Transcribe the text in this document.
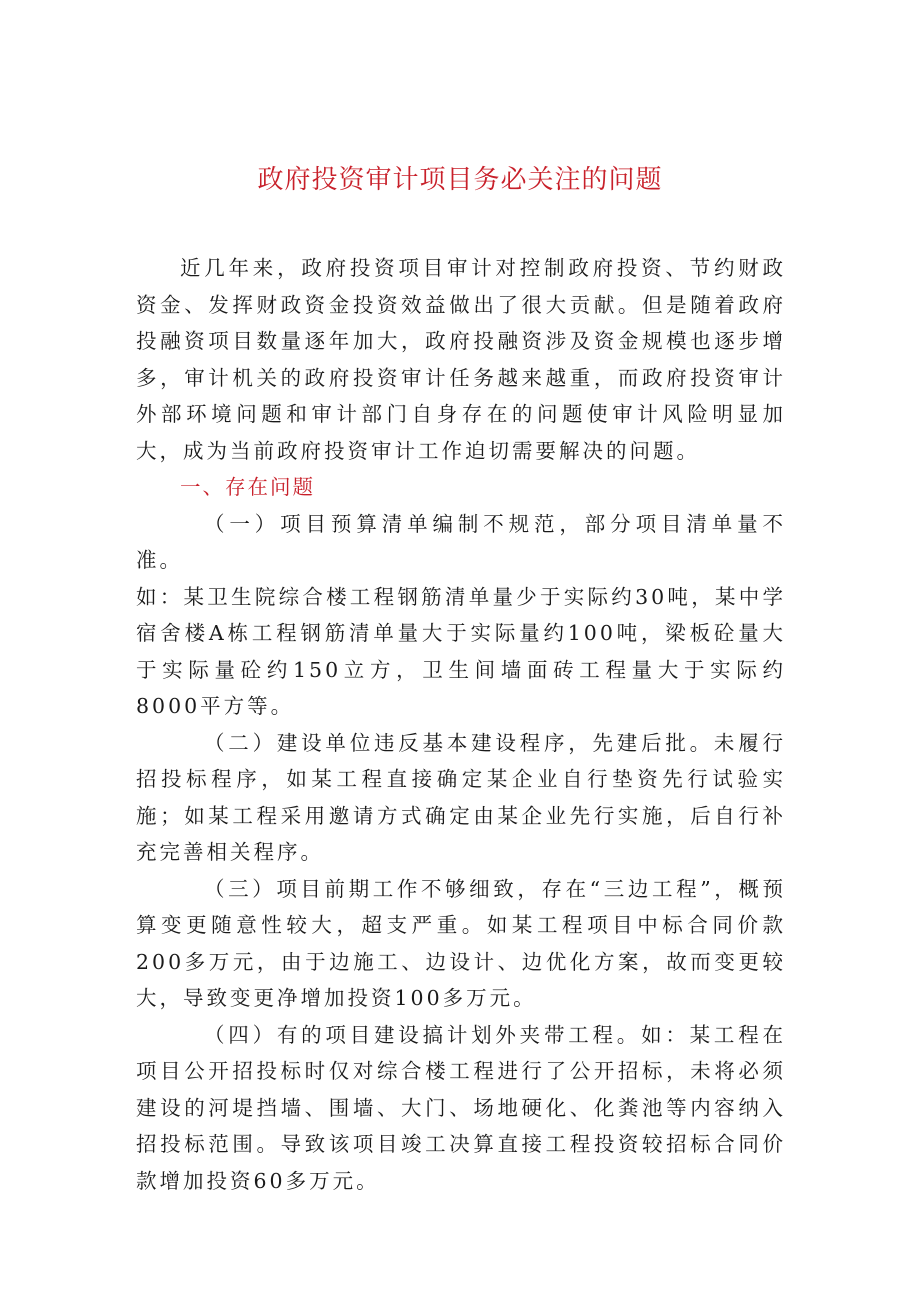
政府投资审计项目务必关注的问题

近几年来，政府投资项目审计对控制政府投资、节约财政资金、发挥财政资金投资效益做出了很大贡献。但是随着政府投融资项目数量逐年加大，政府投融资涉及资金规模也逐步增多，审计机关的政府投资审计任务越来越重，而政府投资审计外部环境问题和审计部门自身存在的问题使审计风险明显加大，成为当前政府投资审计工作迫切需要解决的问题。

一、存在问题

（一）项目预算清单编制不规范，部分项目清单量不准。

如：某卫生院综合楼工程钢筋清单量少于实际约30吨，某中学宿舍楼A栋工程钢筋清单量大于实际量约100吨，梁板砼量大于实际量砼约150立方，卫生间墙面砖工程量大于实际约8000平方等。

（二）建设单位违反基本建设程序，先建后批。未履行招投标程序，如某工程直接确定某企业自行垫资先行试验实施；如某工程采用邀请方式确定由某企业先行实施，后自行补充完善相关程序。

（三）项目前期工作不够细致，存在“三边工程”，概预算变更随意性较大，超支严重。如某工程项目中标合同价款200多万元，由于边施工、边设计、边优化方案，故而变更较大，导致变更净增加投资100多万元。

（四）有的项目建设搞计划外夹带工程。如：某工程在项目公开招投标时仅对综合楼工程进行了公开招标，未将必须建设的河堤挡墙、围墙、大门、场地硬化、化粪池等内容纳入招投标范围。导致该项目竣工决算直接工程投资较招标合同价款增加投资60多万元。
